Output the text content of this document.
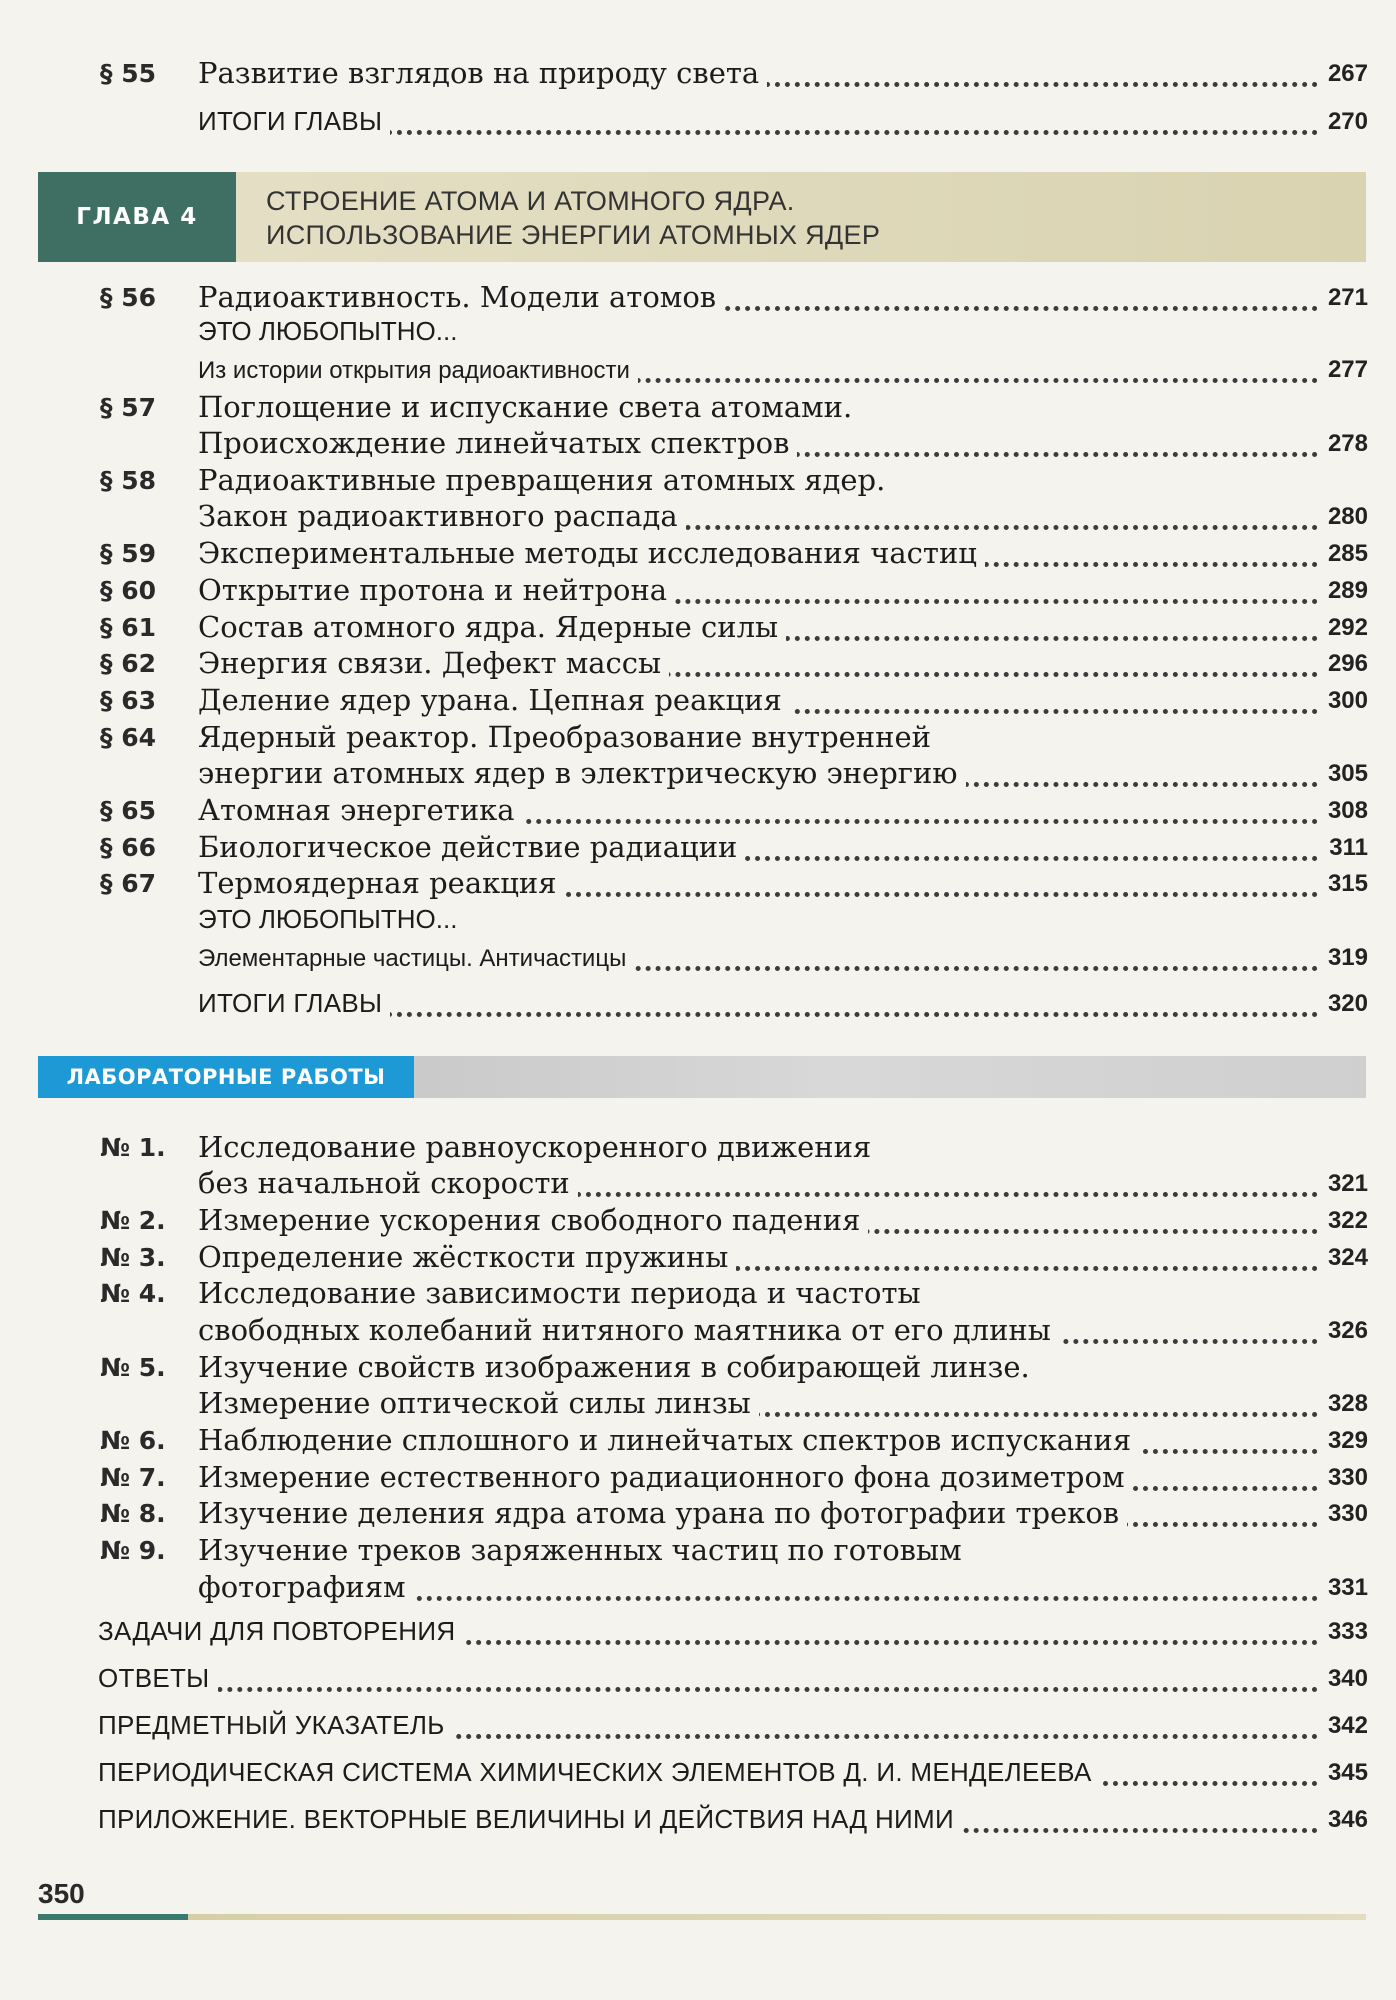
§ 55 Развитие взглядов на природу света	267
ИТОГИ ГЛАВЫ	270
ГЛАВА 4
СТРОЕНИЕ АТОМА И АТОМНОГО ЯДРА.
ИСПОЛЬЗОВАНИЕ ЭНЕРГИИ АТОМНЫХ ЯДЕР
§ 56 Радиоактивность. Модели атомов	271
ЭТО ЛЮБОПЫТНО...
Из истории открытия радиоактивности	277
§ 57 Поглощение и испускание света атомами.
Происхождение линейчатых спектров	278
§ 58 Радиоактивные превращения атомных ядер.
Закон радиоактивного распада	280
§ 59 Экспериментальные методы исследования частиц	285
§ 60 Открытие протона и нейтрона	289
§ 61 Состав атомного ядра. Ядерные силы	292
§ 62 Энергия связи. Дефект массы	296
§ 63 Деление ядер урана. Цепная реакция	300
§ 64 Ядерный реактор. Преобразование внутренней
энергии атомных ядер в электрическую энергию	305
§ 65 Атомная энергетика	308
§ 66 Биологическое действие радиации	311
§ 67 Термоядерная реакция	315
ЭТО ЛЮБОПЫТНО...
Элементарные частицы. Античастицы	319
ИТОГИ ГЛАВЫ	320
ЛАБОРАТОРНЫЕ РАБОТЫ
№ 1. Исследование равноускоренного движения
без начальной скорости	321
№ 2. Измерение ускорения свободного падения	322
№ 3. Определение жёсткости пружины	324
№ 4. Исследование зависимости периода и частоты
свободных колебаний нитяного маятника от его длины	326
№ 5. Изучение свойств изображения в собирающей линзе.
Измерение оптической силы линзы	328
№ 6. Наблюдение сплошного и линейчатых спектров испускания	329
№ 7. Измерение естественного радиационного фона дозиметром	330
№ 8. Изучение деления ядра атома урана по фотографии треков	330
№ 9. Изучение треков заряженных частиц по готовым
фотографиям	331
ЗАДАЧИ ДЛЯ ПОВТОРЕНИЯ	333
ОТВЕТЫ	340
ПРЕДМЕТНЫЙ УКАЗАТЕЛЬ	342
ПЕРИОДИЧЕСКАЯ СИСТЕМА ХИМИЧЕСКИХ ЭЛЕМЕНТОВ Д. И. МЕНДЕЛЕЕВА	345
ПРИЛОЖЕНИЕ. ВЕКТОРНЫЕ ВЕЛИЧИНЫ И ДЕЙСТВИЯ НАД НИМИ	346
350
